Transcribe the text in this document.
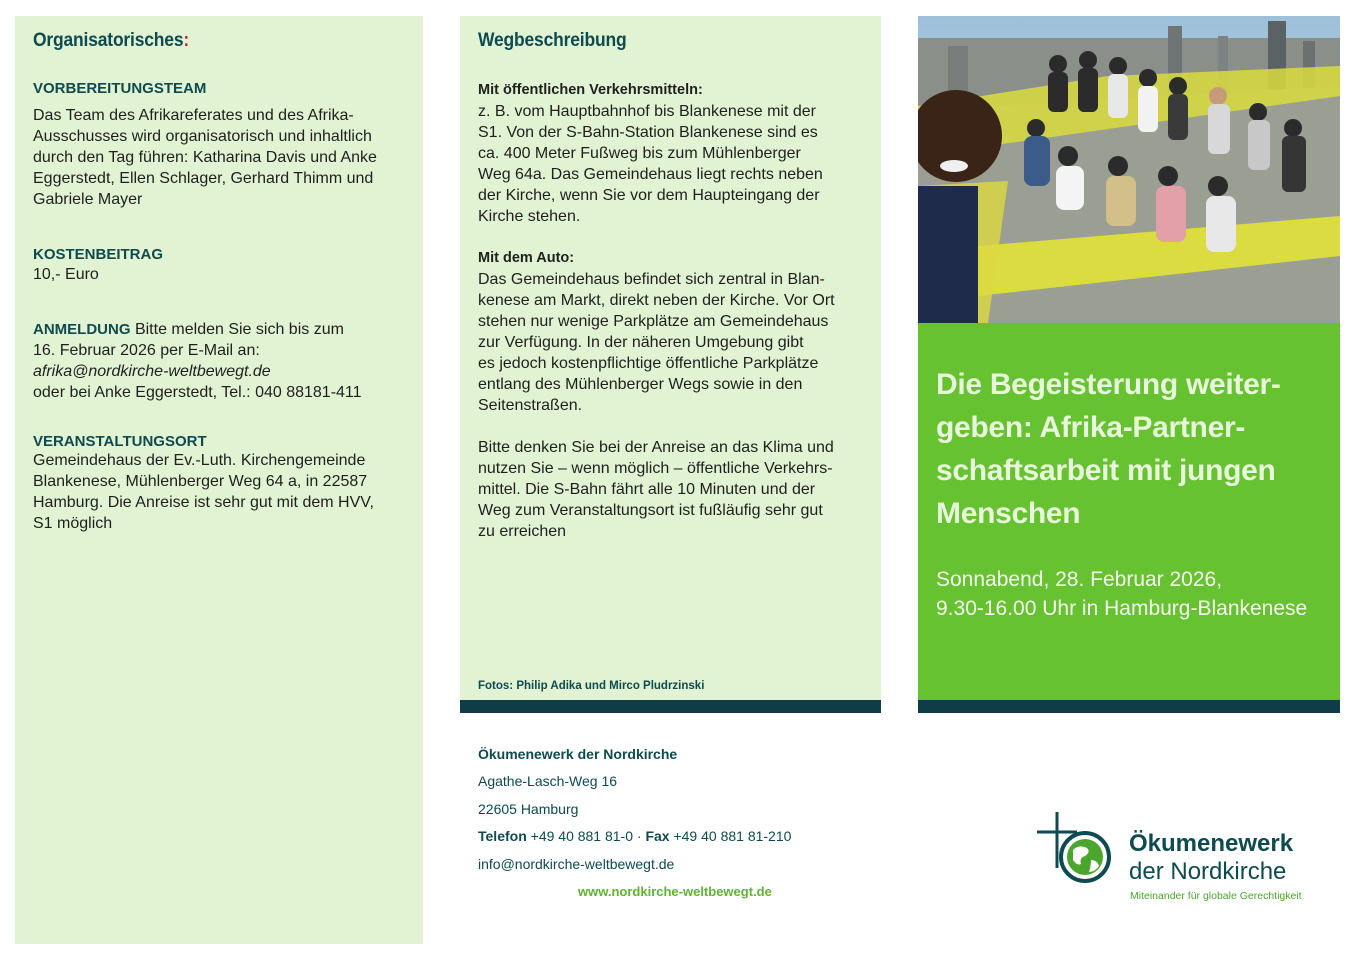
Organisatorisches:

VORBEREITUNGSTEAM

Das Team des Afrikareferates und des Afrika-

Ausschusses wird organisatorisch und inhaltlich

durch den Tag führen: Katharina Davis und Anke

Eggerstedt, Ellen Schlager, Gerhard Thimm und

Gabriele Mayer

KOSTENBEITRAG

10,- Euro

ANMELDUNG Bitte melden Sie sich bis zum

16. Februar 2026 per E-Mail an:

afrika@nordkirche-weltbewegt.de

oder bei Anke Eggerstedt, Tel.: 040 88181-411

VERANSTALTUNGSORT

Gemeindehaus der Ev.-Luth. Kirchengemeinde

Blankenese, Mühlenberger Weg 64 a, in 22587

Hamburg. Die Anreise ist sehr gut mit dem HVV,

S1 möglich

Wegbeschreibung

Mit öffentlichen Verkehrsmitteln:

z. B. vom Hauptbahnhof bis Blankenese mit der

S1. Von der S-Bahn-Station Blankenese sind es

ca. 400 Meter Fußweg bis zum Mühlenberger

Weg 64a. Das Gemeindehaus liegt rechts neben

der Kirche, wenn Sie vor dem Haupteingang der

Kirche stehen.

Mit dem Auto:

Das Gemeindehaus befindet sich zentral in Blan-

kenese am Markt, direkt neben der Kirche. Vor Ort

stehen nur wenige Parkplätze am Gemeindehaus

zur Verfügung. In der näheren Umgebung gibt

es jedoch kostenpflichtige öffentliche Parkplätze

entlang des Mühlenberger Wegs sowie in den

Seitenstraßen.

Bitte denken Sie bei der Anreise an das Klima und

nutzen Sie – wenn möglich – öffentliche Verkehrs-

mittel. Die S-Bahn fährt alle 10 Minuten und der

Weg zum Veranstaltungsort ist fußläufig sehr gut

zu erreichen

Fotos: Philip Adika und Mirco Pludrzinski
Ökumenewerk der Nordkirche
Agathe-Lasch-Weg 16
22605 Hamburg
Telefon +49 40 881 81-0 · Fax +49 40 881 81-210
info@nordkirche-weltbewegt.de
www.nordkirche-weltbewegt.de

Die Begeisterung weiter-

geben: Afrika-Partner-

schaftsarbeit mit jungen

Menschen

Sonnabend, 28. Februar 2026,

9.30-16.00 Uhr in Hamburg-Blankenese

Ökumenewerk
der Nordkirche
Miteinander für globale Gerechtigkeit
